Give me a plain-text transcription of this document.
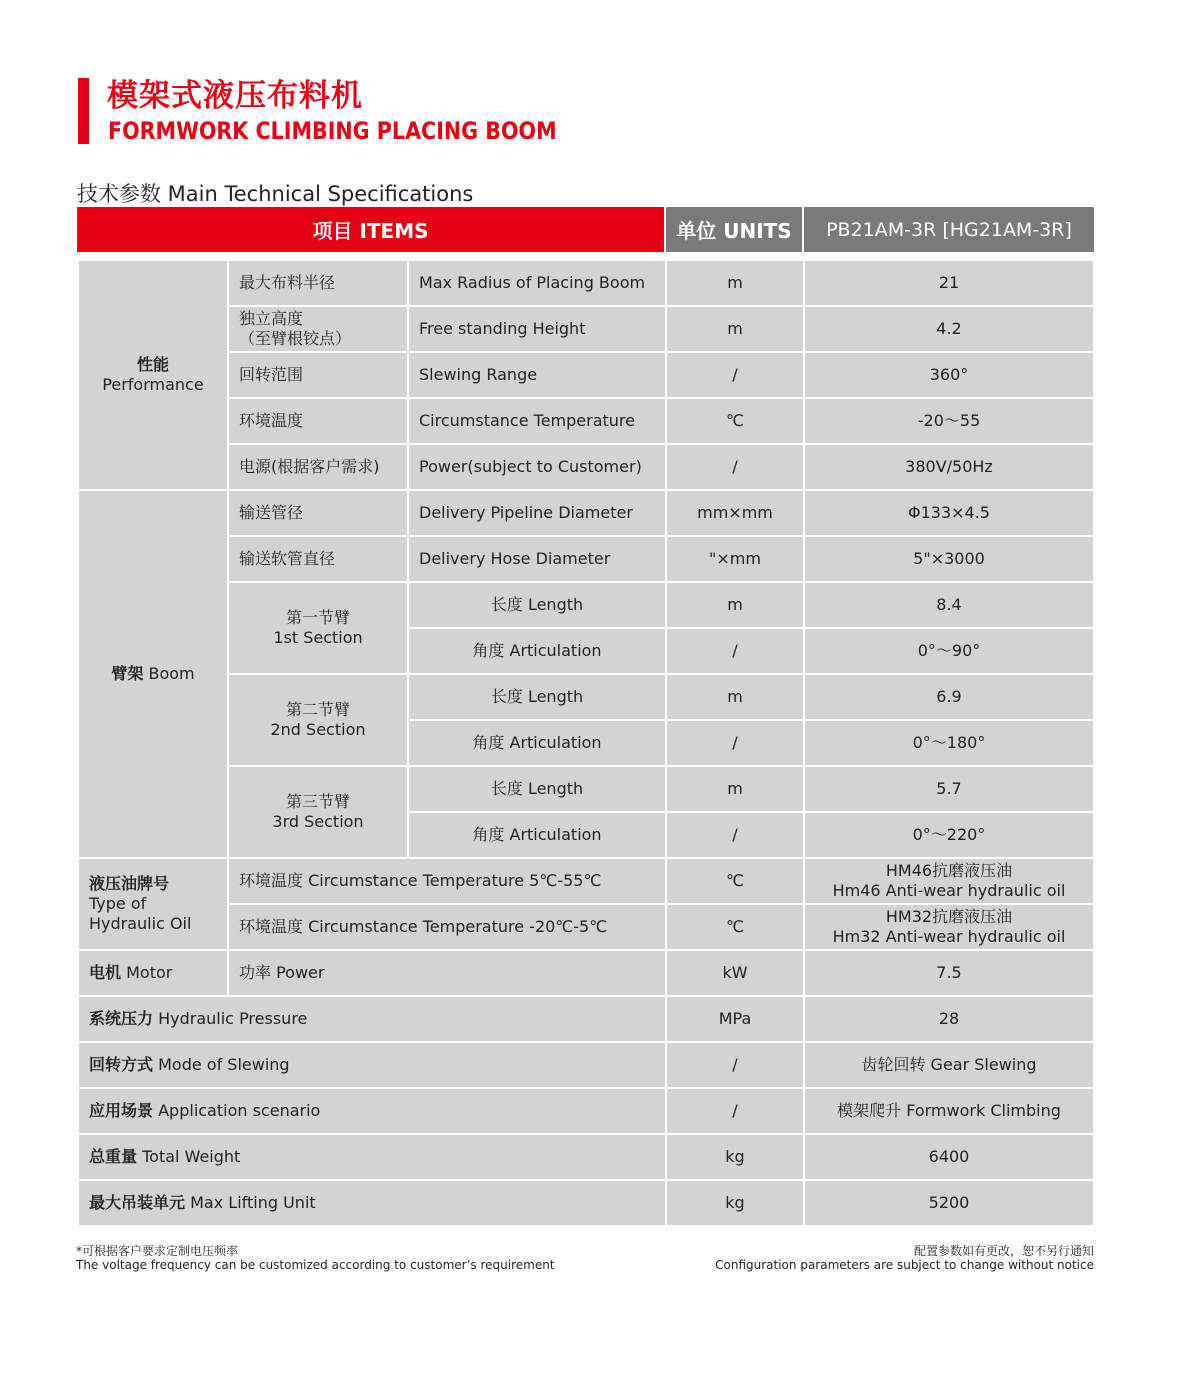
模架式液压布料机
FORMWORK CLIMBING PLACING BOOM
技术参数 Main Technical Specifications
项目 ITEMS	单位 UNITS	PB21AM-3R [HG21AM-3R]
性能
Performance	最大布料半径	Max Radius of Placing Boom	m	21
	独立高度
（至臂根铰点）	Free standing Height	m	4.2
	回转范围	Slewing Range	/	360°
	环境温度	Circumstance Temperature	℃	-20～55
	电源(根据客户需求)	Power(subject to Customer)	/	380V/50Hz
臂架 Boom	输送管径	Delivery Pipeline Diameter	mm×mm	Φ133×4.5
	输送软管直径	Delivery Hose Diameter	"×mm	5"×3000
	第一节臂
1st Section	长度 Length	m	8.4
		角度 Articulation	/	0°～90°
	第二节臂
2nd Section	长度 Length	m	6.9
		角度 Articulation	/	0°～180°
	第三节臂
3rd Section	长度 Length	m	5.7
		角度 Articulation	/	0°～220°
液压油牌号
Type of
Hydraulic Oil	环境温度 Circumstance Temperature 5℃-55℃		℃	HM46抗磨液压油
Hm46 Anti-wear hydraulic oil
	环境温度 Circumstance Temperature -20℃-5℃		℃	HM32抗磨液压油
Hm32 Anti-wear hydraulic oil
电机 Motor	功率 Power		kW	7.5
系统压力 Hydraulic Pressure			MPa	28
回转方式 Mode of Slewing			/	齿轮回转 Gear Slewing
应用场景 Application scenario			/	模架爬升 Formwork Climbing
总重量 Total Weight			kg	6400
最大吊装单元 Max Lifting Unit			kg	5200
*可根据客户要求定制电压频率
The voltage frequency can be customized according to customer’s requirement
配置参数如有更改，恕不另行通知
Configuration parameters are subject to change without notice
